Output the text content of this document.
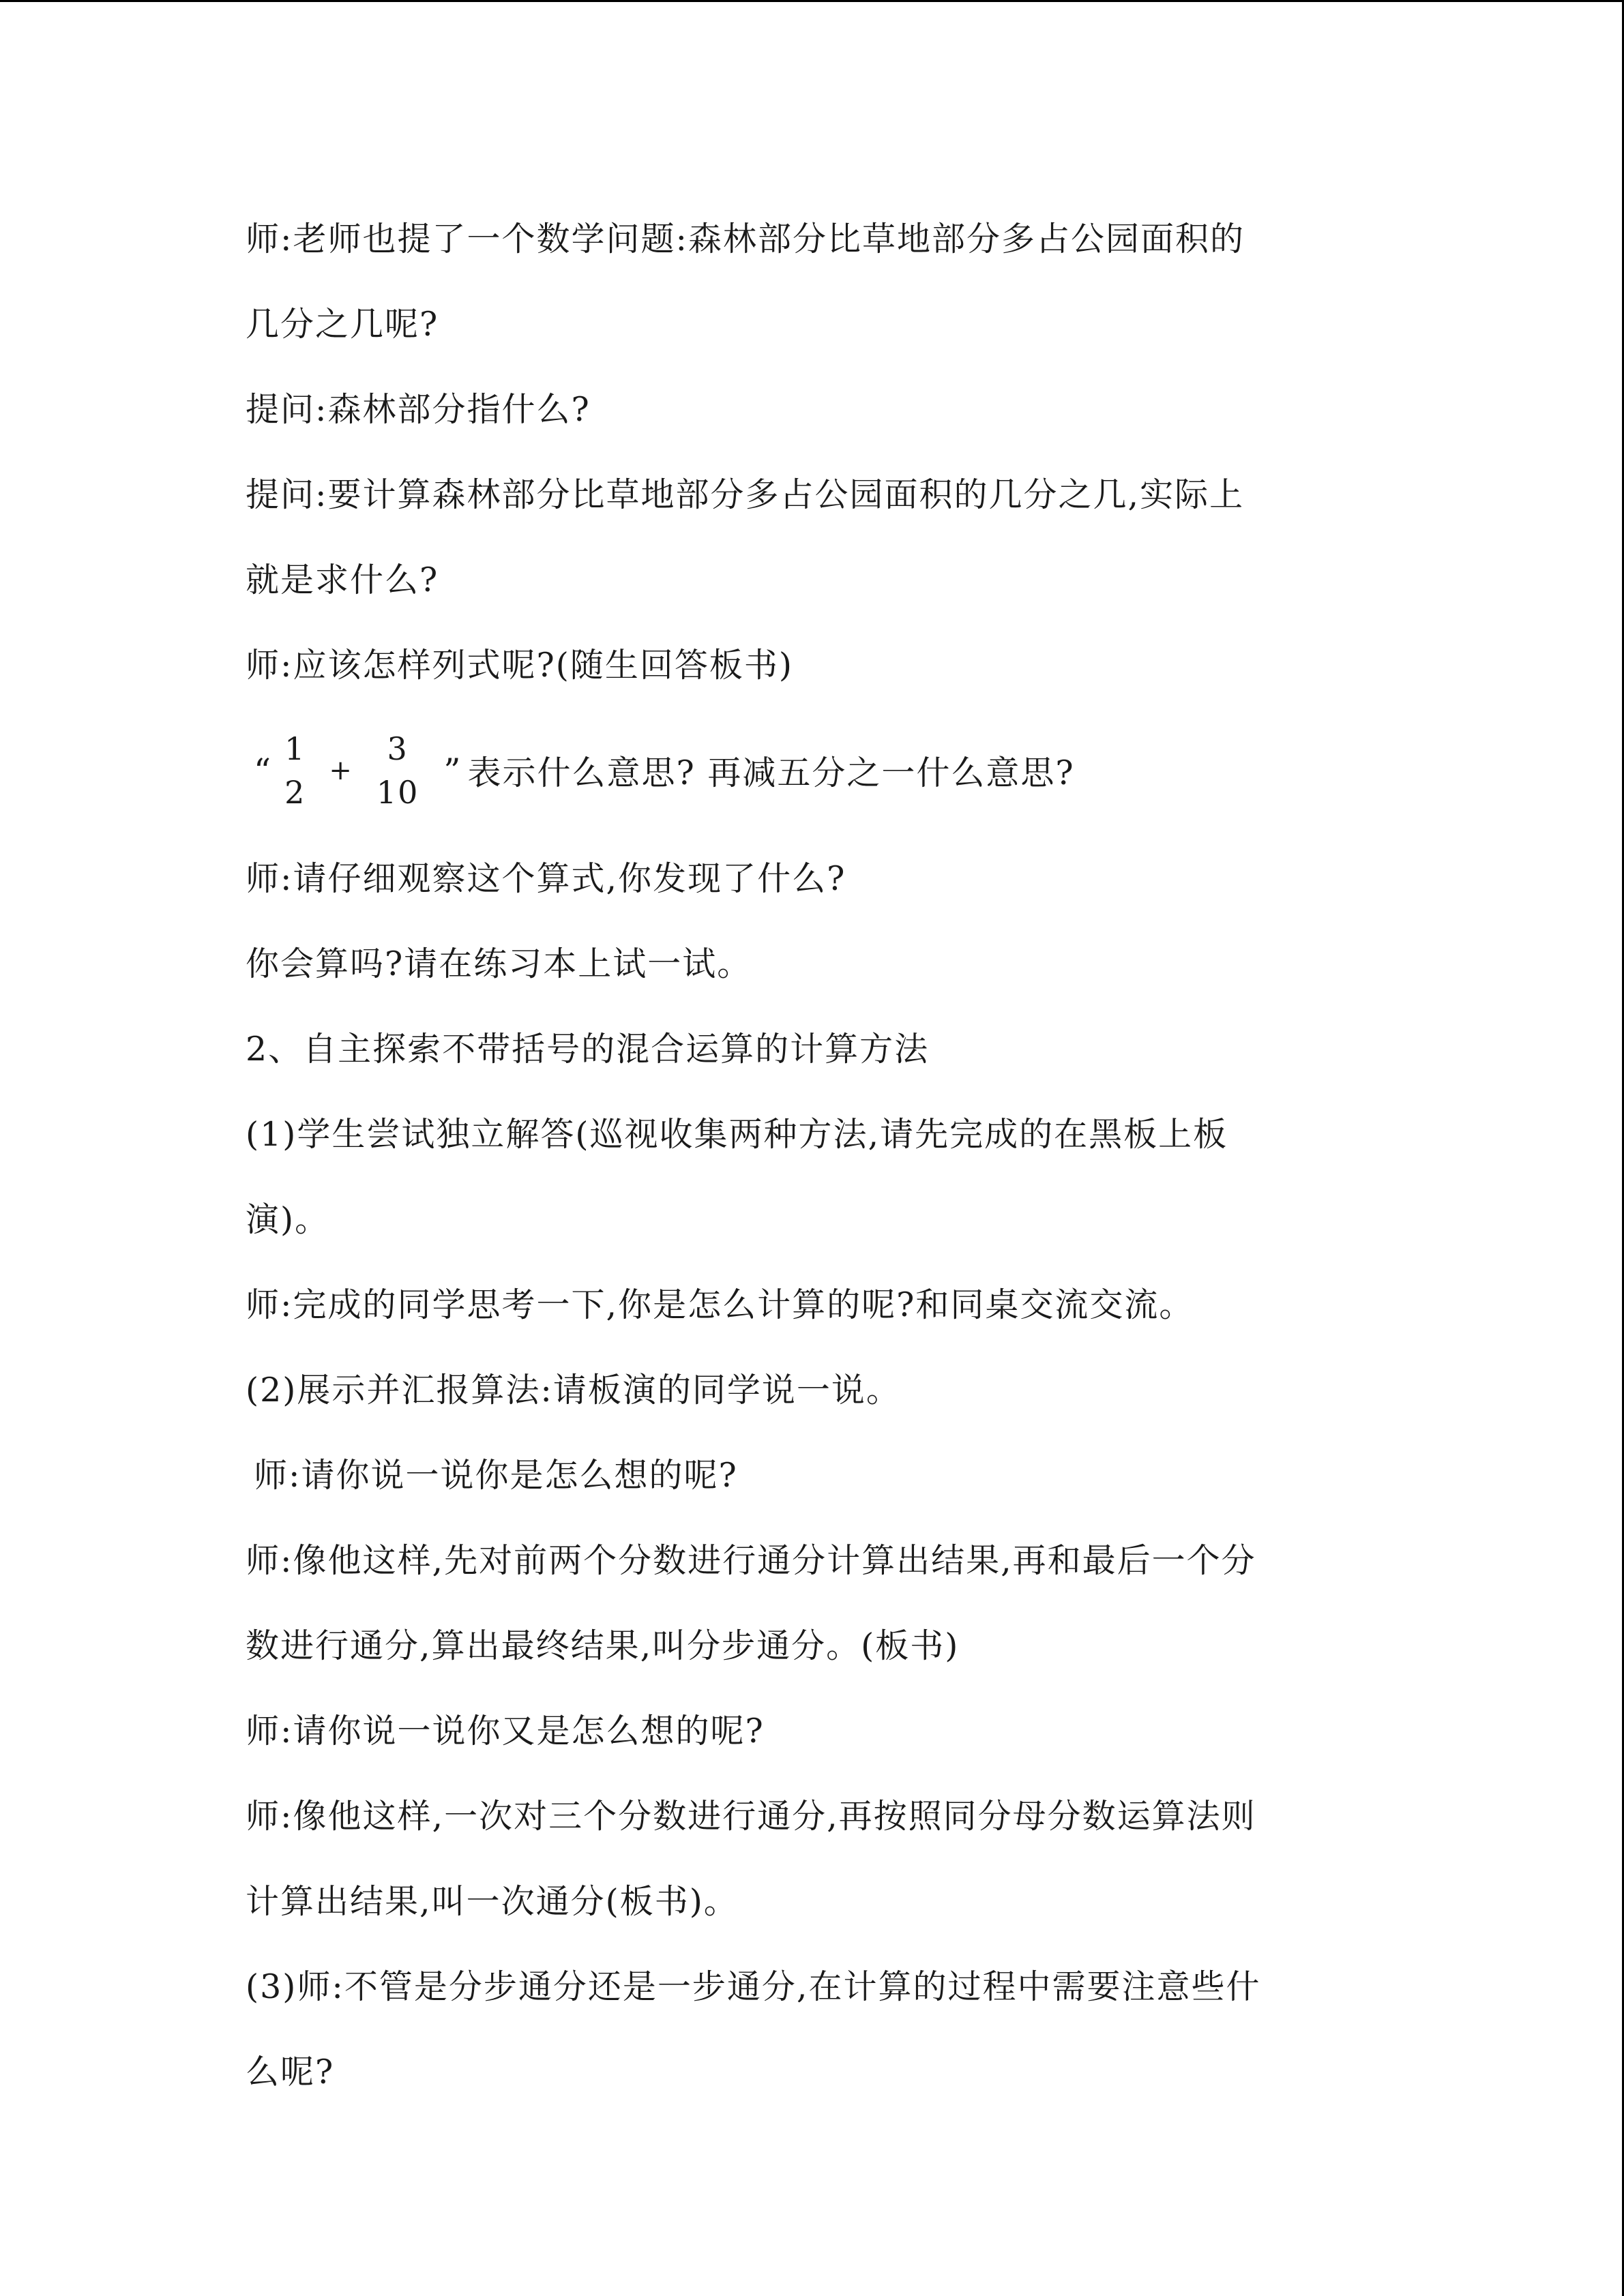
师:老师也提了一个数学问题:森林部分比草地部分多占公园面积的
几分之几呢?
提问:森林部分指什么?
提问:要计算森林部分比草地部分多占公园面积的几分之几,实际上
就是求什么?
师:应该怎样列式呢?(随生回答板书)
“
1
2
+
3
10
” 表示什么意思? 再减五分之一什么意思?
师:请仔细观察这个算式,你发现了什么?
你会算吗?请在练习本上试一试。
2、自主探索不带括号的混合运算的计算方法
(1)学生尝试独立解答(巡视收集两种方法,请先完成的在黑板上板
演)。
师:完成的同学思考一下,你是怎么计算的呢?和同桌交流交流。
(2)展示并汇报算法:请板演的同学说一说。
师:请你说一说你是怎么想的呢?
师:像他这样,先对前两个分数进行通分计算出结果,再和最后一个分
数进行通分,算出最终结果,叫分步通分。(板书)
师:请你说一说你又是怎么想的呢?
师:像他这样,一次对三个分数进行通分,再按照同分母分数运算法则
计算出结果,叫一次通分(板书)。
(3)师:不管是分步通分还是一步通分,在计算的过程中需要注意些什
么呢?
